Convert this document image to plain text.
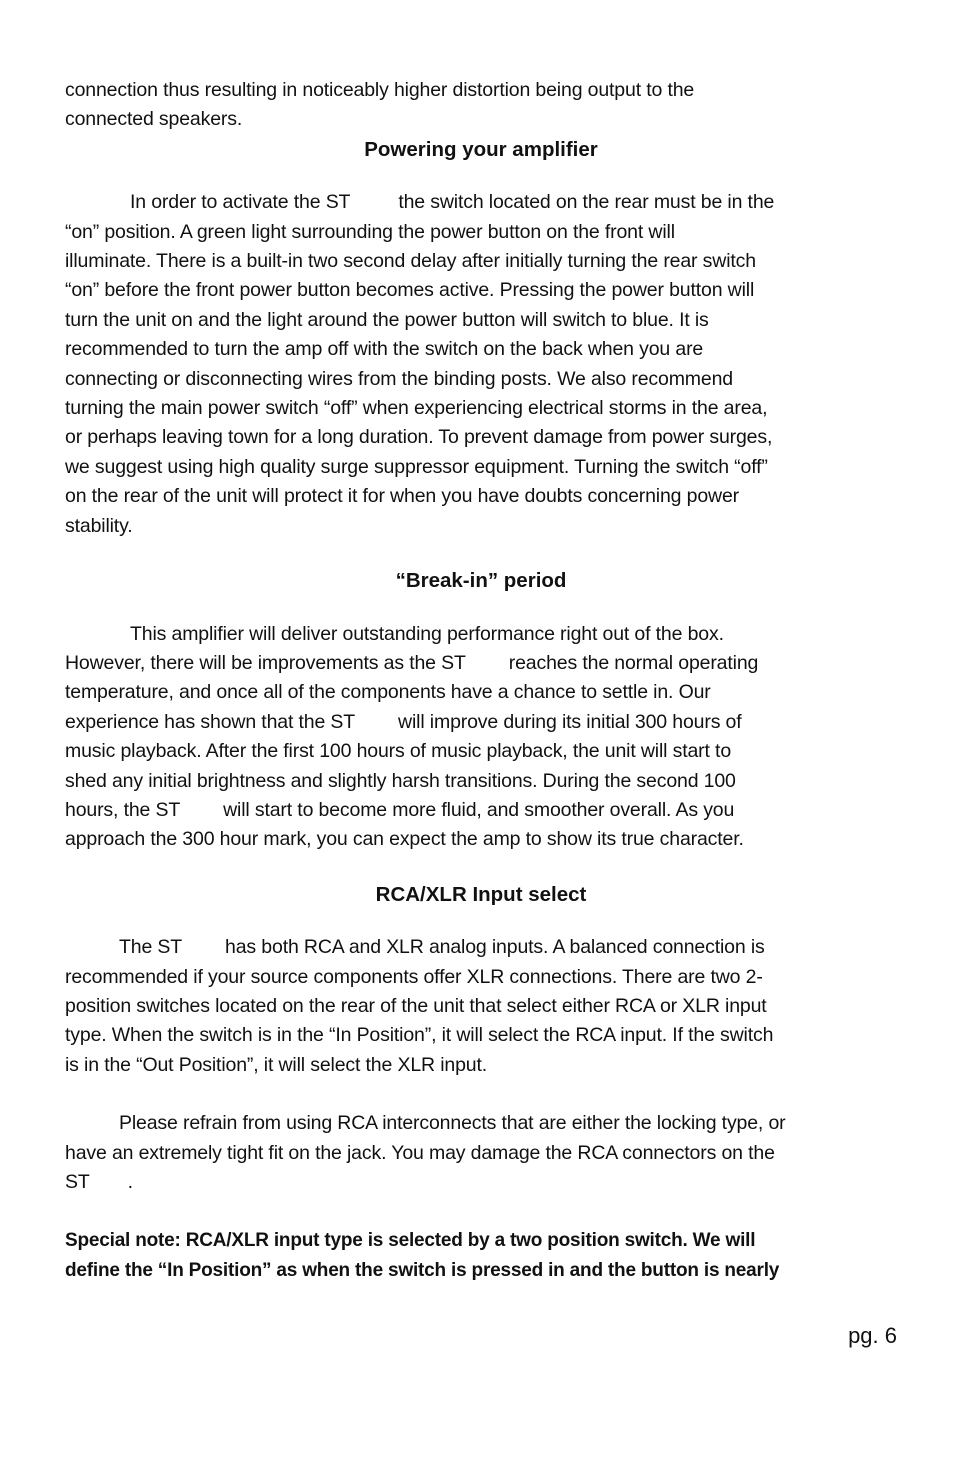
connection thus resulting in noticeably higher distortion being output to the
connected speakers.
Powering your amplifier
In order to activate the ST the switch located on the rear must be in the
“on” position. A green light surrounding the power button on the front will
illuminate. There is a built-in two second delay after initially turning the rear switch
“on” before the front power button becomes active. Pressing the power button will
turn the unit on and the light around the power button will switch to blue. It is
recommended to turn the amp off with the switch on the back when you are
connecting or disconnecting wires from the binding posts. We also recommend
turning the main power switch “off” when experiencing electrical storms in the area,
or perhaps leaving town for a long duration. To prevent damage from power surges,
we suggest using high quality surge suppressor equipment. Turning the switch “off”
on the rear of the unit will protect it for when you have doubts concerning power
stability.
“Break-in” period
This amplifier will deliver outstanding performance right out of the box.
However, there will be improvements as the ST reaches the normal operating
temperature, and once all of the components have a chance to settle in. Our
experience has shown that the ST will improve during its initial 300 hours of
music playback. After the first 100 hours of music playback, the unit will start to
shed any initial brightness and slightly harsh transitions. During the second 100
hours, the ST will start to become more fluid, and smoother overall. As you
approach the 300 hour mark, you can expect the amp to show its true character.
RCA/XLR Input select
The ST has both RCA and XLR analog inputs. A balanced connection is
recommended if your source components offer XLR connections. There are two 2-
position switches located on the rear of the unit that select either RCA or XLR input
type. When the switch is in the “In Position”, it will select the RCA input. If the switch
is in the “Out Position”, it will select the XLR input.
Please refrain from using RCA interconnects that are either the locking type, or
have an extremely tight fit on the jack. You may damage the RCA connectors on the
ST .
Special note: RCA/XLR input type is selected by a two position switch. We will
define the “In Position” as when the switch is pressed in and the button is nearly
pg. 6
